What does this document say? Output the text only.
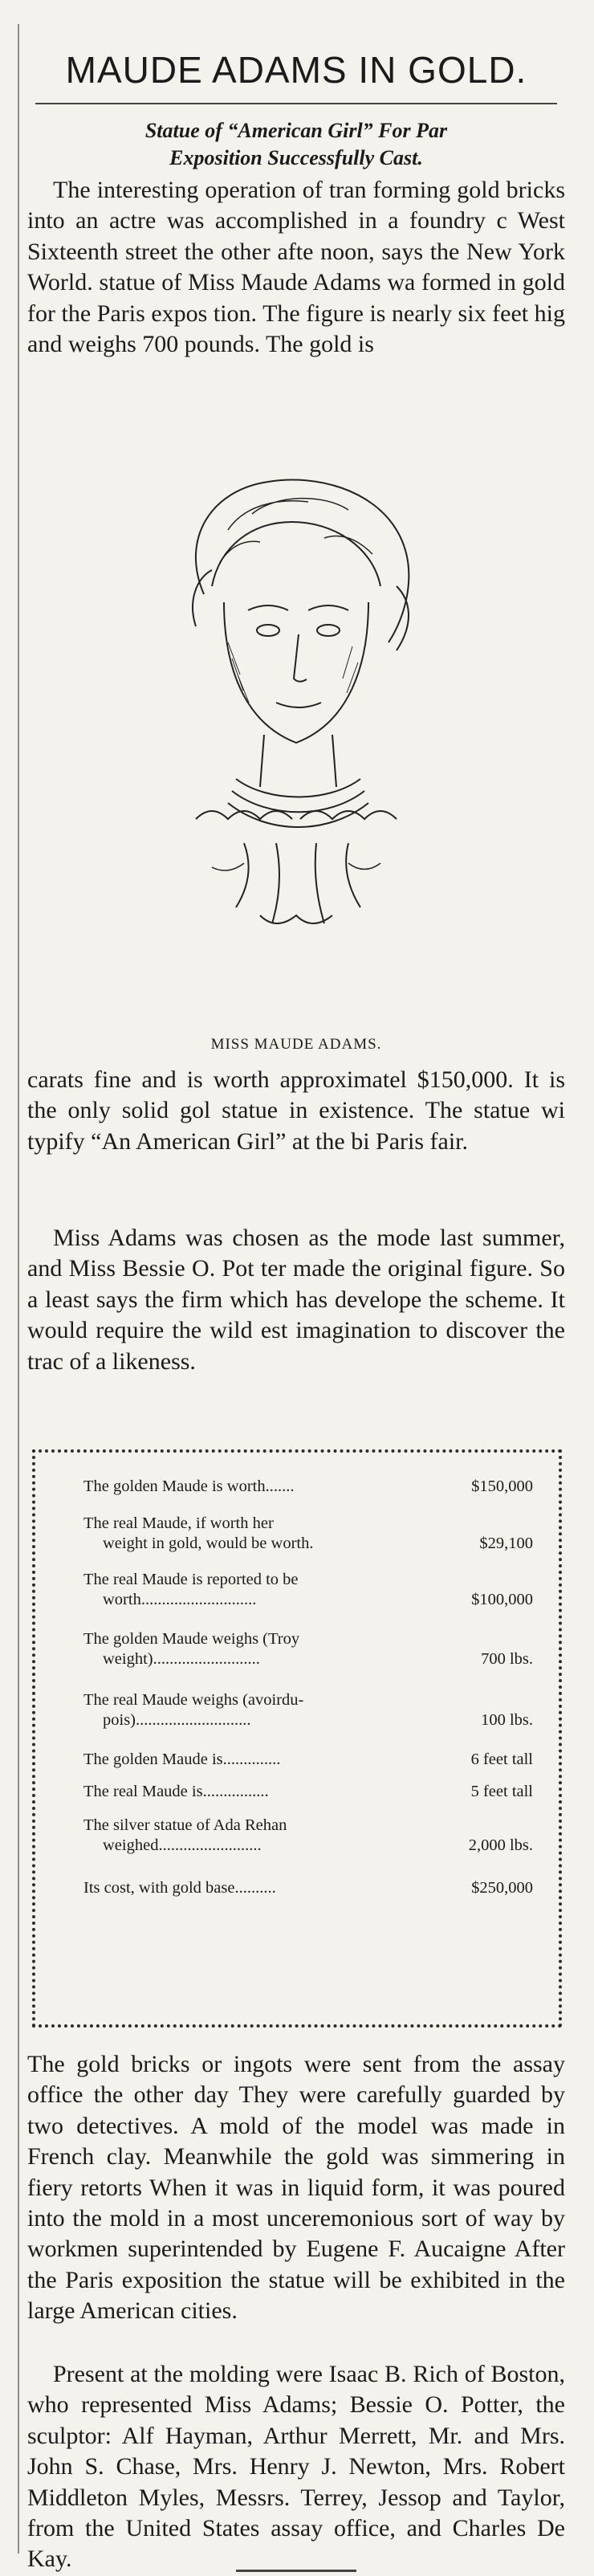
MAUDE ADAMS IN GOLD.
Statue of “American Girl” For Par
Exposition Successfully Cast.
The interesting operation of tran forming gold bricks into an actre was accomplished in a foundry c West Sixteenth street the other afte noon, says the New York World. statue of Miss Maude Adams wa formed in gold for the Paris expos tion. The figure is nearly six feet hig and weighs 700 pounds. The gold is
MISS MAUDE ADAMS.
carats fine and is worth approximatel $150,000. It is the only solid gol statue in existence. The statue wi typify “An American Girl” at the bi Paris fair.
Miss Adams was chosen as the mode last summer, and Miss Bessie O. Pot ter made the original figure. So a least says the firm which has develope the scheme. It would require the wild est imagination to discover the trac of a likeness.
The golden Maude is worth.......	$150,000
The real Maude, if worth her
weight in gold, would be worth.	$29,100
The real Maude is reported to be
worth............................	$100,000
The golden Maude weighs (Troy
weight)..........................	700 lbs.
The real Maude weighs (avoirdu-
pois)............................	100 lbs.
The golden Maude is..............	6 feet tall
The real Maude is................	5 feet tall
The silver statue of Ada Rehan
weighed.........................	2,000 lbs.
Its cost, with gold base..........	$250,000
The gold bricks or ingots were sent from the assay office the other day They were carefully guarded by two detectives. A mold of the model was made in French clay. Meanwhile the gold was simmering in fiery retorts When it was in liquid form, it was poured into the mold in a most unceremonious sort of way by workmen superintended by Eugene F. Aucaigne After the Paris exposition the statue will be exhibited in the large American cities.
Present at the molding were Isaac B. Rich of Boston, who represented Miss Adams; Bessie O. Potter, the sculptor: Alf Hayman, Arthur Merrett, Mr. and Mrs. John S. Chase, Mrs. Henry J. Newton, Mrs. Robert Middleton Myles, Messrs. Terrey, Jessop and Taylor, from the United States assay office, and Charles De Kay.
